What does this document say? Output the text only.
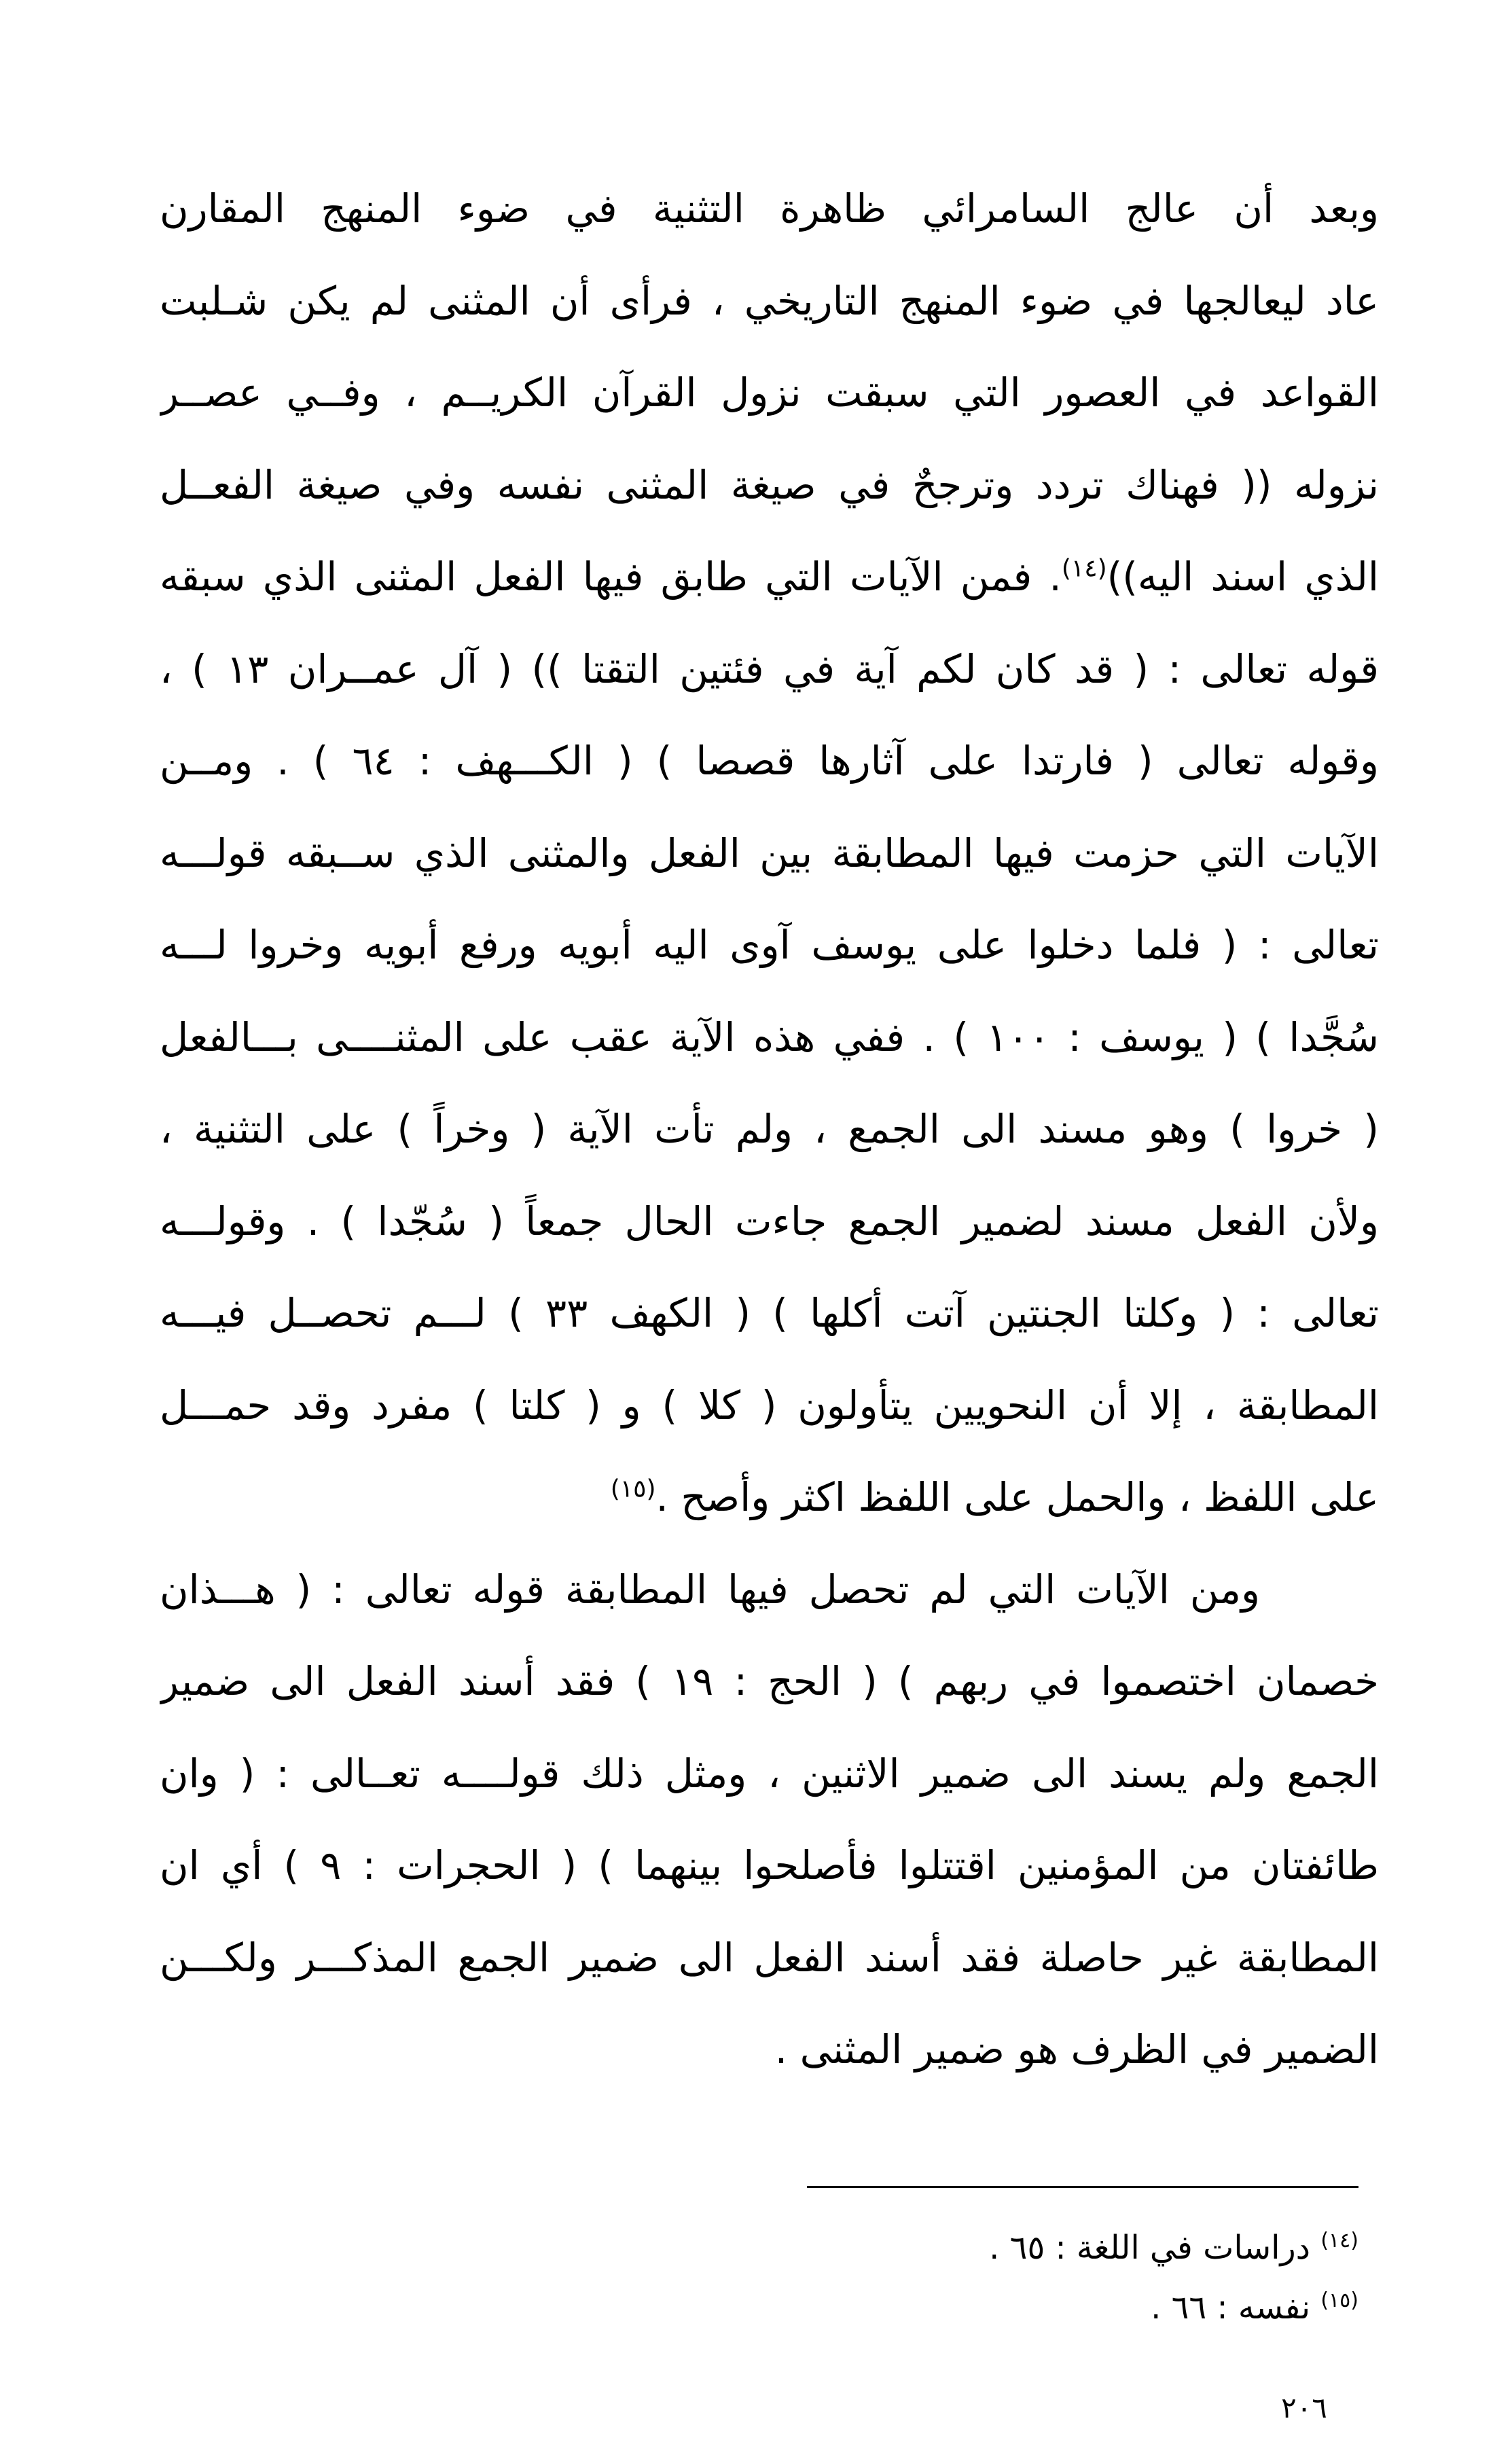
وبعد أن عالج السامرائي ظاهرة التثنية في ضوء المنهج المقارن
عاد ليعالجها في ضوء المنهج التاريخي ، فرأى أن المثنى لم يكن شـلبت
القواعد في العصور التي سبقت نزول القرآن الكريــم ، وفــي عصــر
نزوله (( فهناك تردد وترجحٌ في صيغة المثنى نفسه وفي صيغة الفعــل
الذي اسند اليه))$^{(١٤)}$. فمن الآيات التي طابق فيها الفعل المثنى الذي سبقه
قوله تعالى : ( قد كان لكم آية في فئتين التقتا )) ( آل عمــران ١٣ ) ،
وقوله تعالى ( فارتدا على آثارها قصصا ) ( الكـــهف : ٦٤ ) . ومــن
الآيات التي حزمت فيها المطابقة بين الفعل والمثنى الذي ســبقه قولـــه
تعالى : ( فلما دخلوا على يوسف آوى اليه أبويه ورفع أبويه وخروا لـــه
سُجَّدا ) ( يوسف : ١٠٠ ) . ففي هذه الآية عقب على المثنــــى بـــالفعل
( خروا ) وهو مسند الى الجمع ، ولم تأت الآية ( وخراً ) على التثنية ،
ولأن الفعل مسند لضمير الجمع جاءت الحال جمعاً ( سُجّدا ) . وقولـــه
تعالى : ( وكلتا الجنتين آتت أكلها ) ( الكهف ٣٣ ) لـــم تحصــل فيـــه
المطابقة ، إلا أن النحويين يتأولون ( كلا ) و ( كلتا ) مفرد وقد حمـــل
على اللفظ ، والحمل على اللفظ اكثر وأصح .$^{(١٥)}$
ومن الآيات التي لم تحصل فيها المطابقة قوله تعالى : ( هـــذان
خصمان اختصموا في ربهم ) ( الحج : ١٩ ) فقد أسند الفعل الى ضمير
الجمع ولم يسند الى ضمير الاثنين ، ومثل ذلك قولــــه تعــالى : ( وان
طائفتان من المؤمنين اقتتلوا فأصلحوا بينهما ) ( الحجرات : ٩ ) أي ان
المطابقة غير حاصلة فقد أسند الفعل الى ضمير الجمع المذكـــر ولكـــن
الضمير في الظرف هو ضمير المثنى .
$^{(١٤)}$ دراسات في اللغة : ٦٥ .
$^{(١٥)}$ نفسه : ٦٦ .
٢٠٦
